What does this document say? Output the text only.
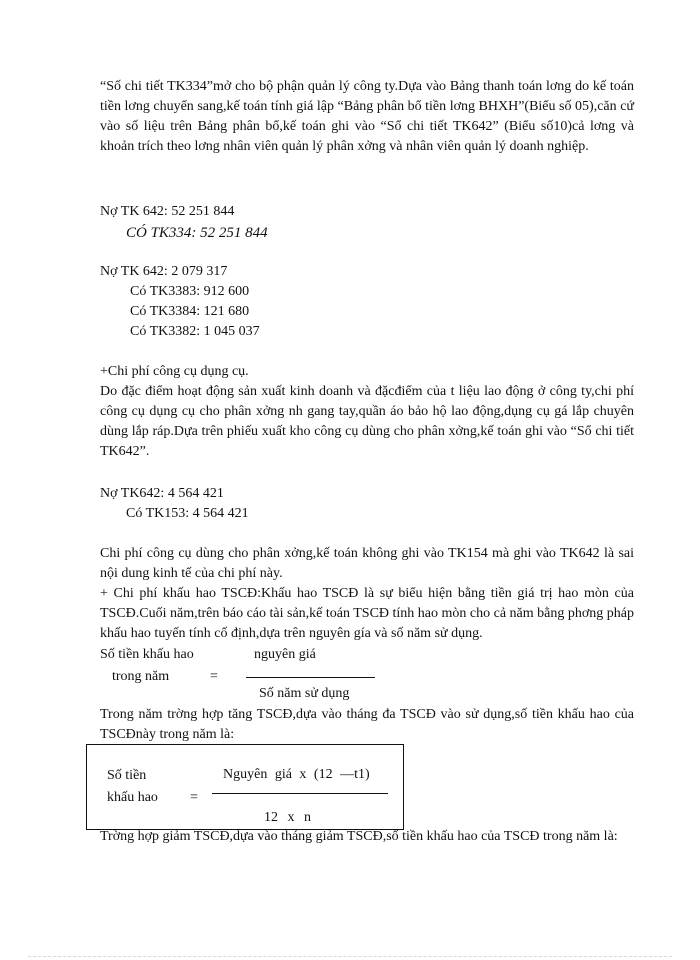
“Số chi tiết TK334”mở cho bộ phận quản lý công ty.Dựa vào Bảng thanh toán lơng do kế toán tiền lơng chuyển sang,kế toán tính giá lập “Bảng phân bổ tiền lơng BHXH”(Biểu số 05),căn cứ vào số liệu trên Bảng phân bổ,kế toán ghi vào “Sổ chi tiết TK642” (Biểu số10)cả lơng và khoản trích theo lơng nhân viên quản lý phân xởng và nhân viên quản lý doanh nghiệp.
Nợ TK 642: 52 251 844
CÓ TK334: 52 251 844
Nợ TK 642: 2 079 317
Có TK3383: 912 600
Có TK3384: 121 680
Có TK3382: 1 045 037
+Chi phí công cụ dụng cụ.
Do đặc điểm hoạt động sản xuất kinh doanh và đặcđiểm của t liệu lao động ở công ty,chi phí công cụ dụng cụ cho phân xởng nh gang tay,quần áo bảo hộ lao động,dụng cụ gá lắp chuyên dùng lắp ráp.Dựa trên phiếu xuất kho công cụ dùng cho phân xởng,kế toán ghi vào “Sổ chi tiết TK642”.
Nợ TK642: 4 564 421
Có TK153: 4 564 421
Chi phí công cụ dùng cho phân xởng,kế toán không ghi vào TK154 mà ghi vào TK642 là sai nội dung kinh tế của chi phí này.
+ Chi phí khấu hao TSCĐ:Khấu hao TSCĐ là sự biểu hiện bằng tiền giá trị hao mòn của TSCĐ.Cuối năm,trên báo cáo tài sản,kế toán TSCĐ tính hao mòn cho cả năm bằng phơng pháp khấu hao tuyến tính cố định,dựa trên nguyên gía và số năm sử dụng.
Số tiền khấu hao
trong năm	=
nguyên giá
Số năm sử dụng
Trong năm trờng hợp tăng TSCĐ,dựa vào tháng đa TSCĐ vào sử dụng,số tiền khấu hao của TSCĐnày trong năm là:
Số tiền
khấu hao =
Nguyên giá x (12 —t1)
12 x n
Trờng hợp giảm TSCĐ,dựa vào tháng giảm TSCĐ,số tiền khấu hao của TSCĐ trong năm là:
